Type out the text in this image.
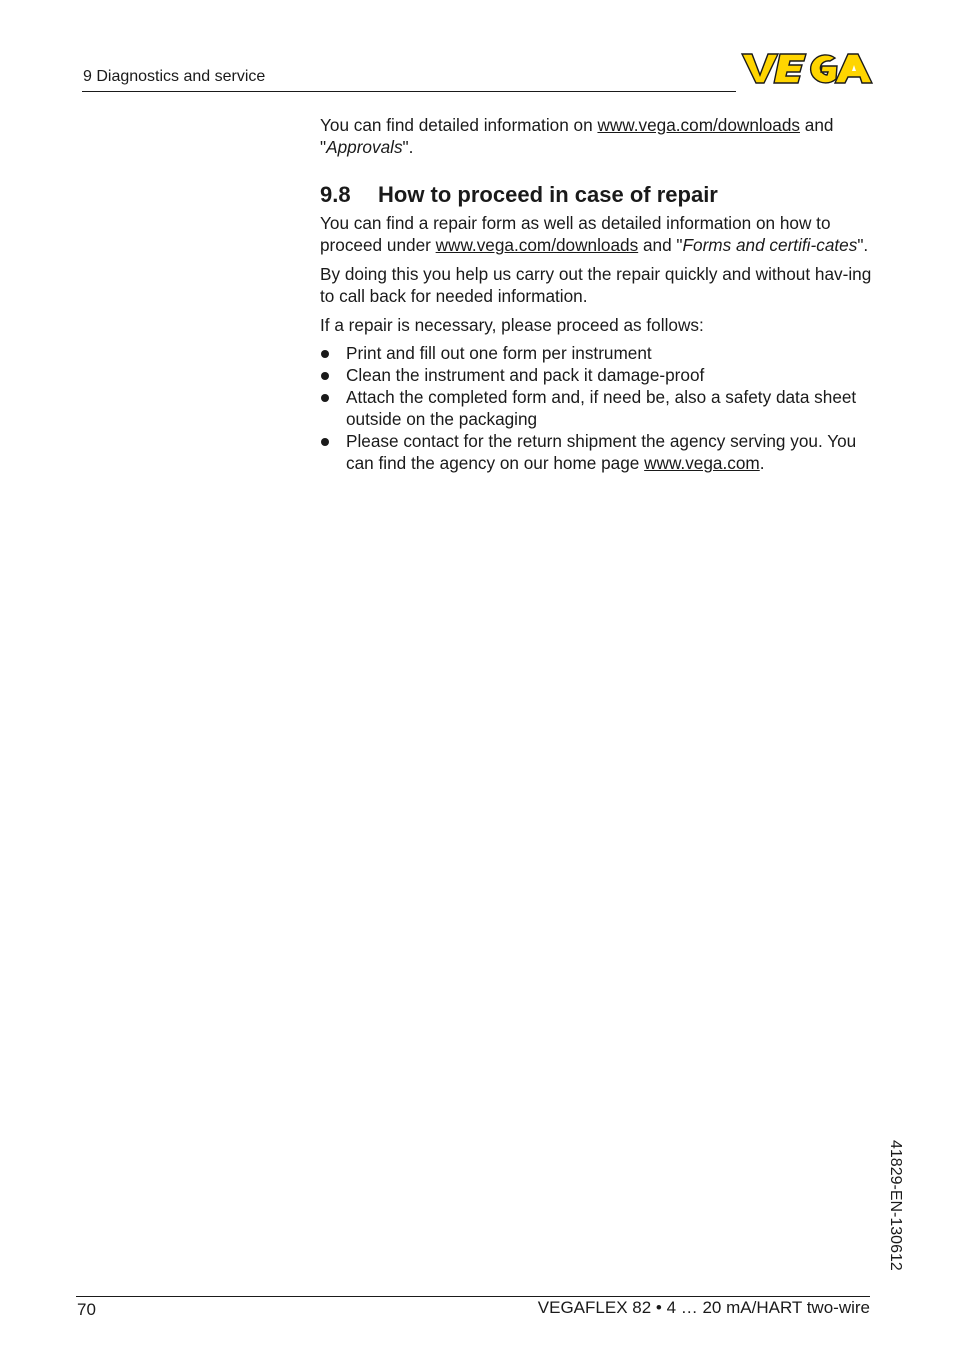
9 Diagnostics and service

You can find detailed information on www.vega.com/downloads and "Approvals".

9.8 How to proceed in case of repair

You can find a repair form as well as detailed information on how to proceed under www.vega.com/downloads and "Forms and certifi-cates".

By doing this you help us carry out the repair quickly and without hav-ing to call back for needed information.

If a repair is necessary, please proceed as follows:

Print and fill out one form per instrument
Clean the instrument and pack it damage-proof
Attach the completed form and, if need be, also a safety data sheet outside on the packaging
Please contact for the return shipment the agency serving you. You can find the agency on our home page www.vega.com.
41829-EN-130612
70	VEGAFLEX 82 • 4 … 20 mA/HART two-wire
